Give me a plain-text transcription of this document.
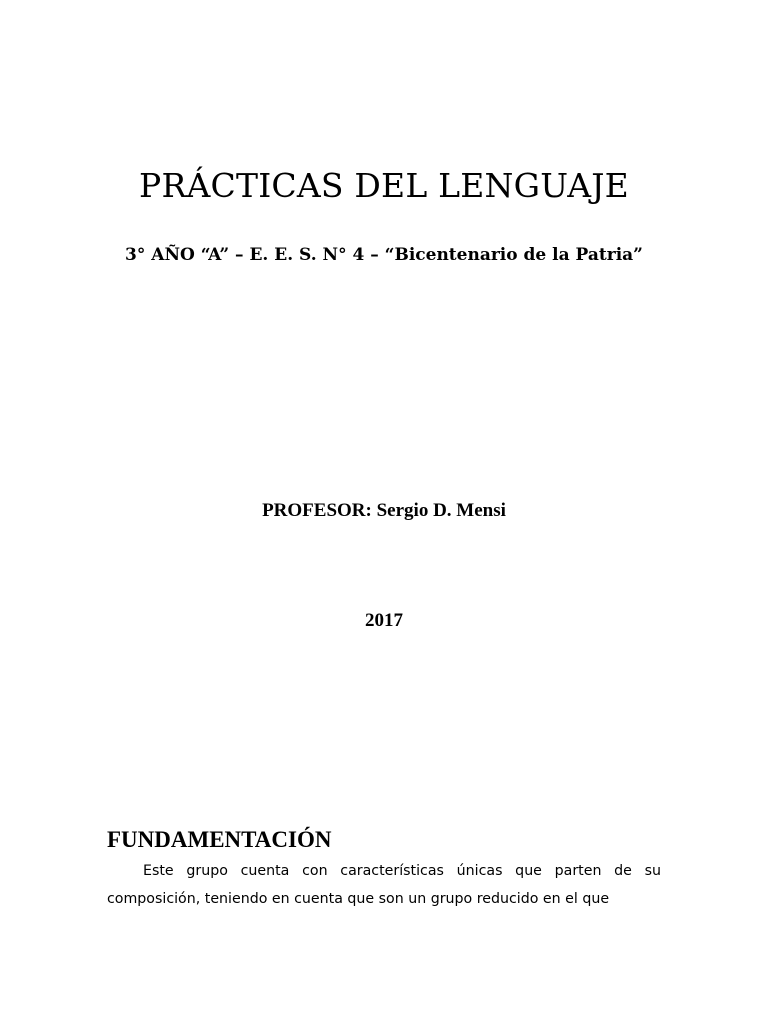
PRÁCTICAS DEL LENGUAJE

3° AÑO “A” – E. E. S. N° 4 – “Bicentenario de la Patria”

PROFESOR: Sergio D. Mensi

2017

FUNDAMENTACIÓN

Este grupo cuenta con características únicas que parten de su composición, teniendo en cuenta que son un grupo reducido en el que
